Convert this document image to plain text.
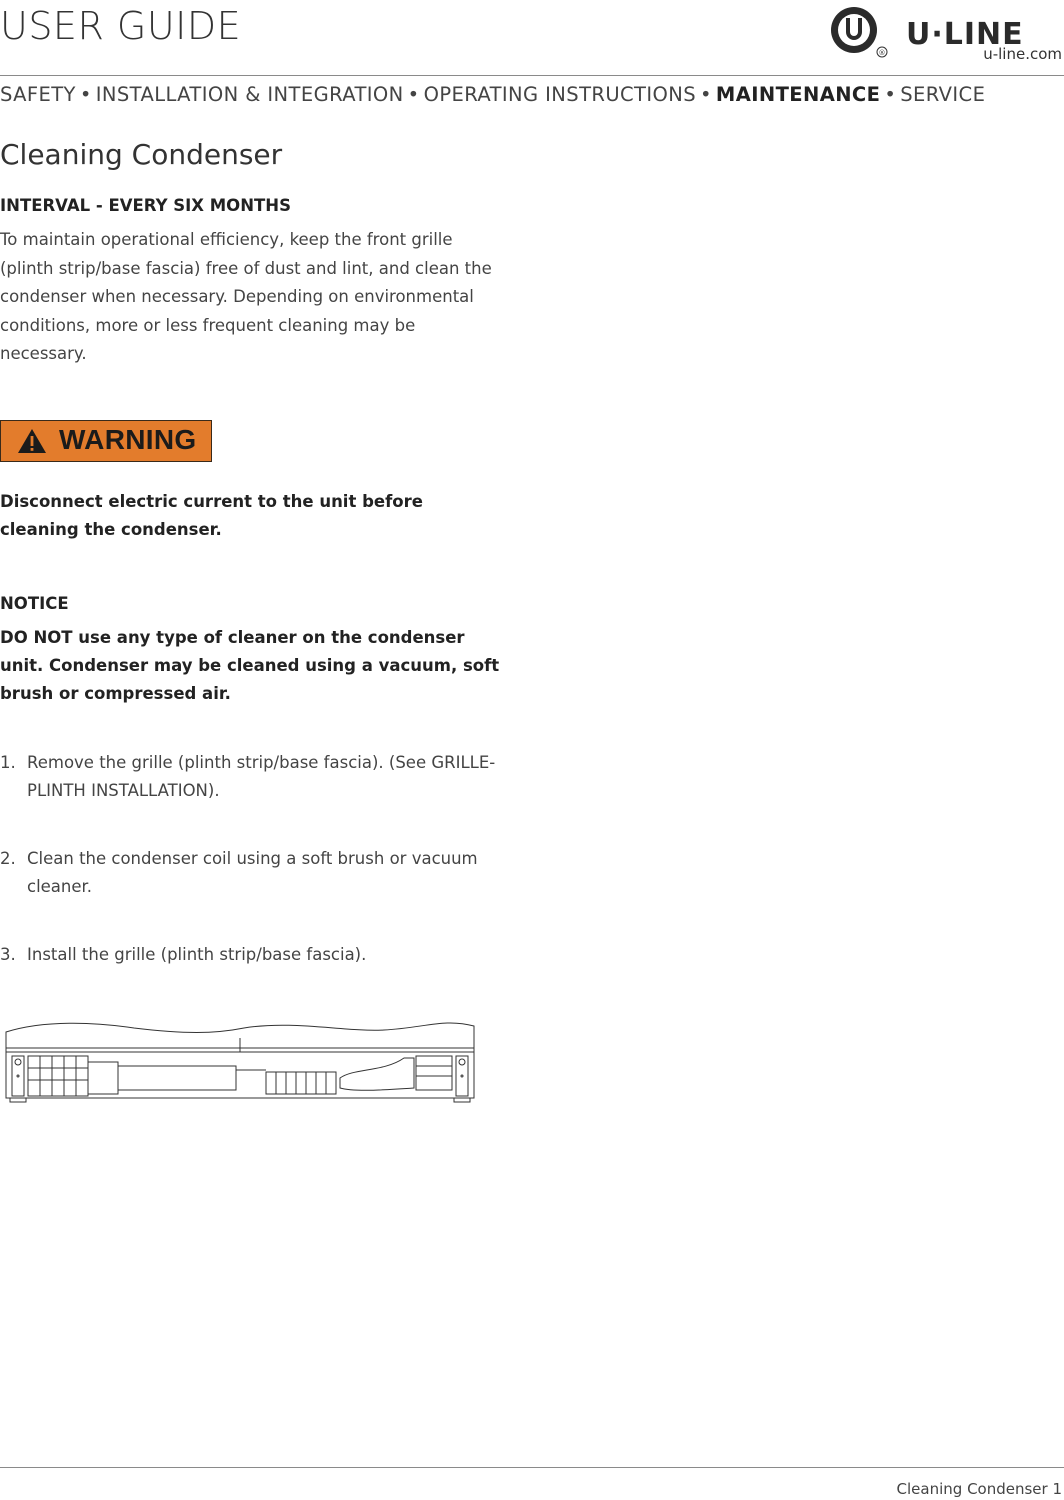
USER GUIDE
®
U·LINE
u-line.com
SAFETY • INSTALLATION & INTEGRATION • OPERATING INSTRUCTIONS • MAINTENANCE • SERVICE
Cleaning Condenser
INTERVAL - EVERY SIX MONTHS
To maintain operational efficiency, keep the front grille (plinth strip/base fascia) free of dust and lint, and clean the condenser when necessary. Depending on environmental conditions, more or less frequent cleaning may be necessary.
WARNING
Disconnect electric current to the unit before cleaning the condenser.
NOTICE
DO NOT use any type of cleaner on the condenser unit. Condenser may be cleaned using a vacuum, soft brush or compressed air.
1. Remove the grille (plinth strip/base fascia). (See GRILLE-PLINTH INSTALLATION).
2. Clean the condenser coil using a soft brush or vacuum cleaner.
3. Install the grille (plinth strip/base fascia).
Cleaning Condenser 1
